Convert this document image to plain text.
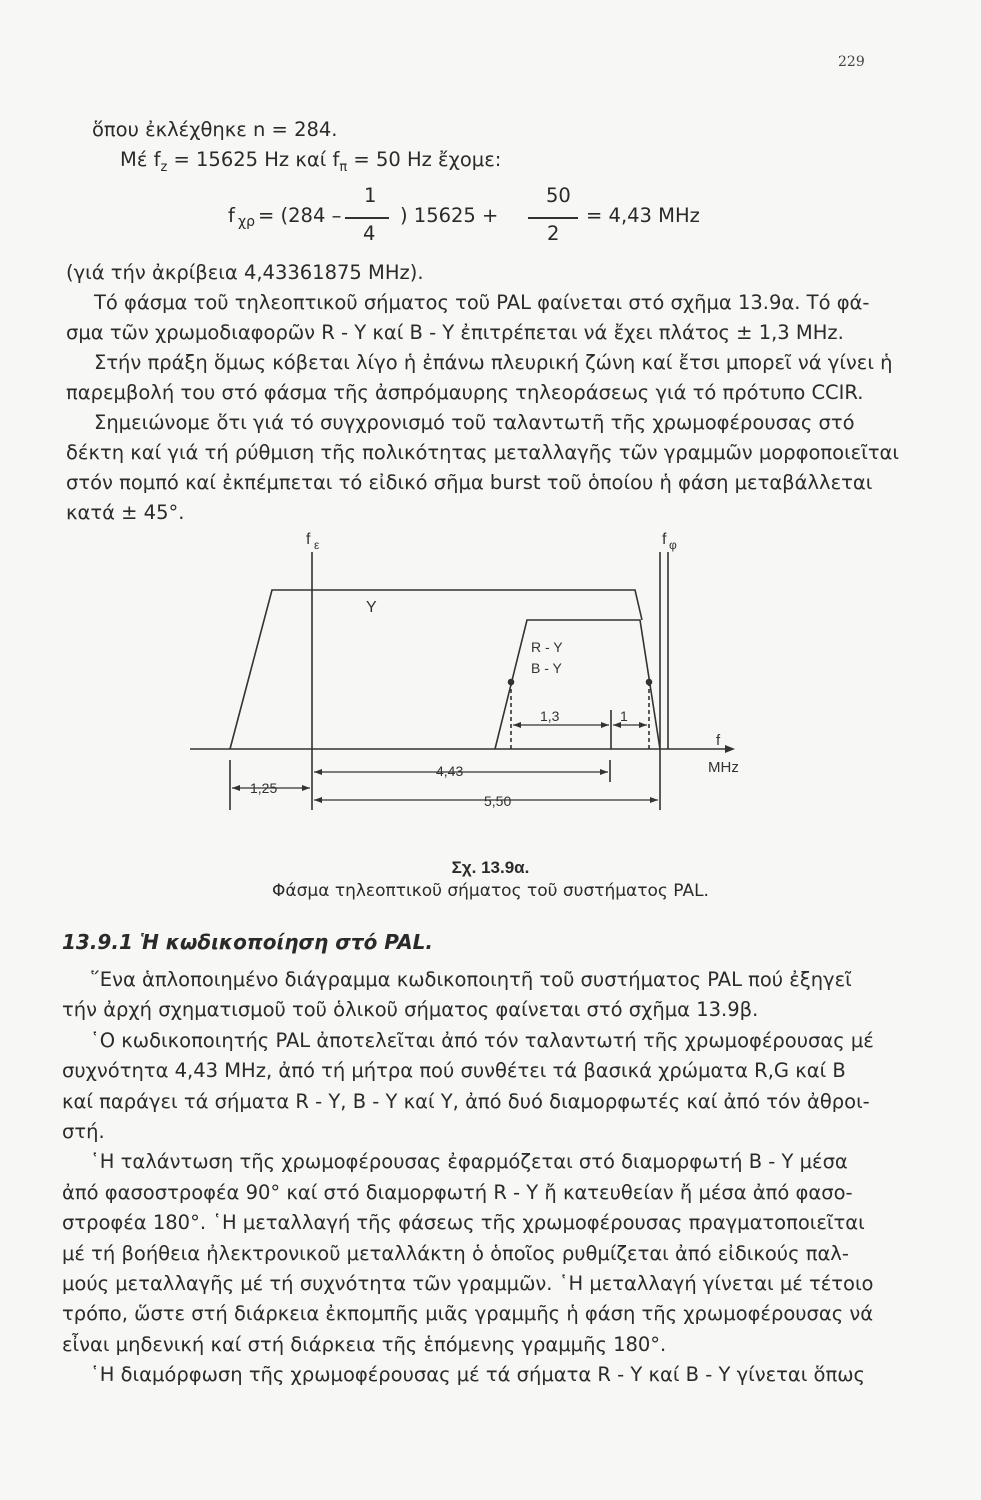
229

ὅπου ἐκλέχθηκε n = 284.

Μέ $f_z = 15625$ Hz καί $f_\pi = 50$ Hz ἔχομε:

f χρ = (284 –
1
4
) 15625 +
50
2
= 4,43 MHz
(γιά τήν ἀκρίβεια 4,43361875 MHz).
Τό φάσμα τοῦ τηλεοπτικοῦ σήματος τοῦ PAL φαίνεται στό σχῆμα 13.9α. Τό φά-
σμα τῶν χρωμοδιαφορῶν R - Y καί B - Y ἐπιτρέπεται νά ἔχει πλάτος ± 1,3 MHz.
Στήν πράξη ὅμως κόβεται λίγο ἡ ἐπάνω πλευρική ζώνη καί ἔτσι μπορεῖ νά γίνει ἡ
παρεμβολή του στό φάσμα τῆς ἀσπρόμαυρης τηλεοράσεως γιά τό πρότυπο CCIR.
Σημειώνομε ὅτι γιά τό συγχρονισμό τοῦ ταλαντωτῆ τῆς χρωμοφέρουσας στό
δέκτη καί γιά τή ρύθμιση τῆς πολικότητας μεταλλαγῆς τῶν γραμμῶν μορφοποιεῖται
στόν πομπό καί ἐκπέμπεται τό εἰδικό σῆμα burst τοῦ ὁποίου ἡ φάση μεταβάλλεται
κατά ± 45°.
f ε	f φ
Y
R - Y
B - Y
1,3	1
f
MHz
1,25
4,43
5,50
Σχ. 13.9α.
Φάσμα τηλεοπτικοῦ σήματος τοῦ συστήματος PAL.
13.9.1 Ἡ κωδικοποίηση στό PAL.
῞Ενα ἁπλοποιημένο διάγραμμα κωδικοποιητῆ τοῦ συστήματος PAL πού ἐξηγεῖ
τήν ἀρχή σχηματισμοῦ τοῦ ὁλικοῦ σήματος φαίνεται στό σχῆμα 13.9β.
῾Ο κωδικοποιητής PAL ἀποτελεῖται ἀπό τόν ταλαντωτή τῆς χρωμοφέρουσας μέ
συχνότητα 4,43 MHz, ἀπό τή μήτρα πού συνθέτει τά βασικά χρώματα R,G καί B
καί παράγει τά σήματα R - Y, B - Y καί Y, ἀπό δυό διαμορφωτές καί ἀπό τόν ἀθροι-
στή.
῾Η ταλάντωση τῆς χρωμοφέρουσας ἐφαρμόζεται στό διαμορφωτή B - Y μέσα
ἀπό φασοστροφέα 90° καί στό διαμορφωτή R - Y ἤ κατευθείαν ἤ μέσα ἀπό φασο-
στροφέα 180°. ῾Η μεταλλαγή τῆς φάσεως τῆς χρωμοφέρουσας πραγματοποιεῖται
μέ τή βοήθεια ἠλεκτρονικοῦ μεταλλάκτη ὁ ὁποῖος ρυθμίζεται ἀπό εἰδικούς παλ-
μούς μεταλλαγῆς μέ τή συχνότητα τῶν γραμμῶν. ῾Η μεταλλαγή γίνεται μέ τέτοιο
τρόπο, ὥστε στή διάρκεια ἐκπομπῆς μιᾶς γραμμῆς ἡ φάση τῆς χρωμοφέρουσας νά
εἶναι μηδενική καί στή διάρκεια τῆς ἑπόμενης γραμμῆς 180°.
῾Η διαμόρφωση τῆς χρωμοφέρουσας μέ τά σήματα R - Y καί B - Y γίνεται ὅπως
